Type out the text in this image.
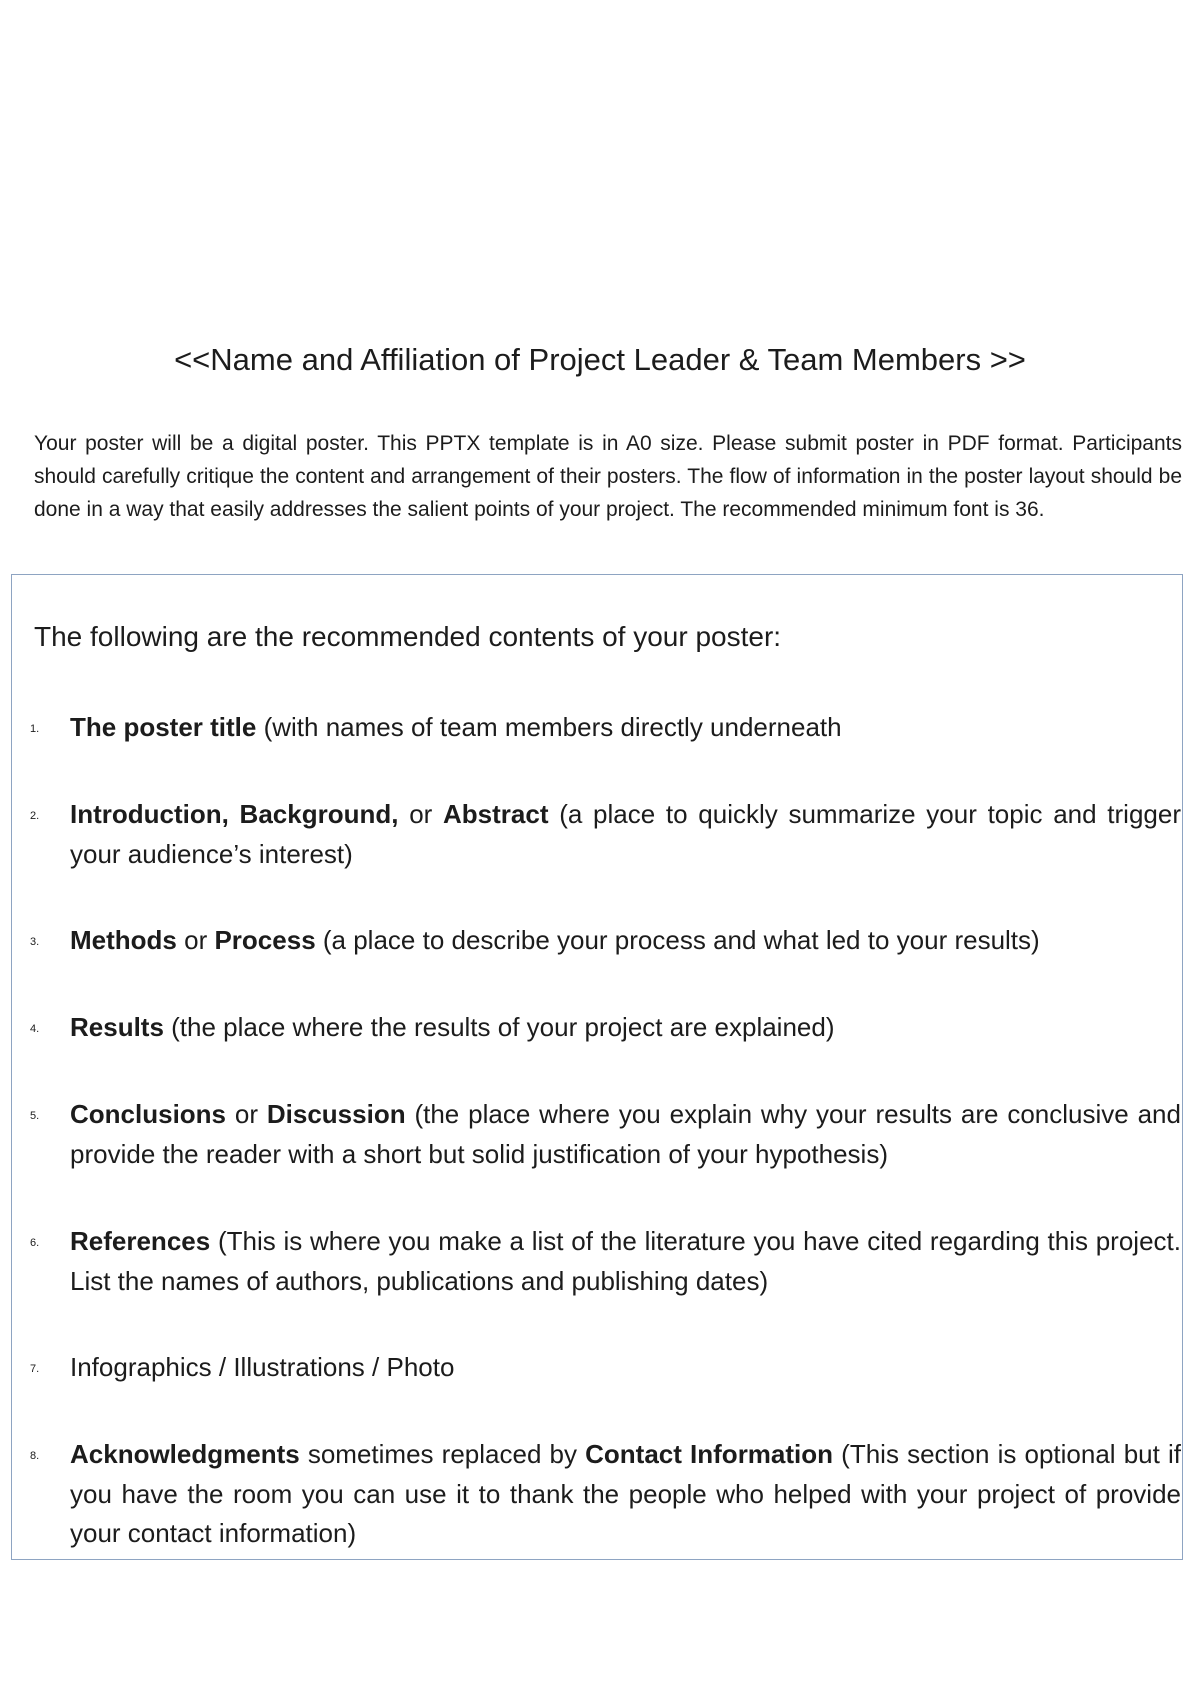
<<Name and Affiliation of Project Leader & Team Members >>

Your poster will be a digital poster. This PPTX template is in A0 size. Please submit poster in PDF format. Participants should carefully critique the content and arrangement of their posters. The flow of information in the poster layout should be done in a way that easily addresses the salient points of your project. The recommended minimum font is 36.

The following are the recommended contents of your poster:
1. The poster title (with names of team members directly underneath
2. Introduction, Background, or Abstract (a place to quickly summarize your topic and trigger your audience’s interest)
3. Methods or Process (a place to describe your process and what led to your results)
4. Results (the place where the results of your project are explained)
5. Conclusions or Discussion (the place where you explain why your results are conclusive and provide the reader with a short but solid justification of your hypothesis)
6. References (This is where you make a list of the literature you have cited regarding this project. List the names of authors, publications and publishing dates)
7. Infographics / Illustrations / Photo
8. Acknowledgments sometimes replaced by Contact Information (This section is optional but if you have the room you can use it to thank the people who helped with your project of provide your contact information)
